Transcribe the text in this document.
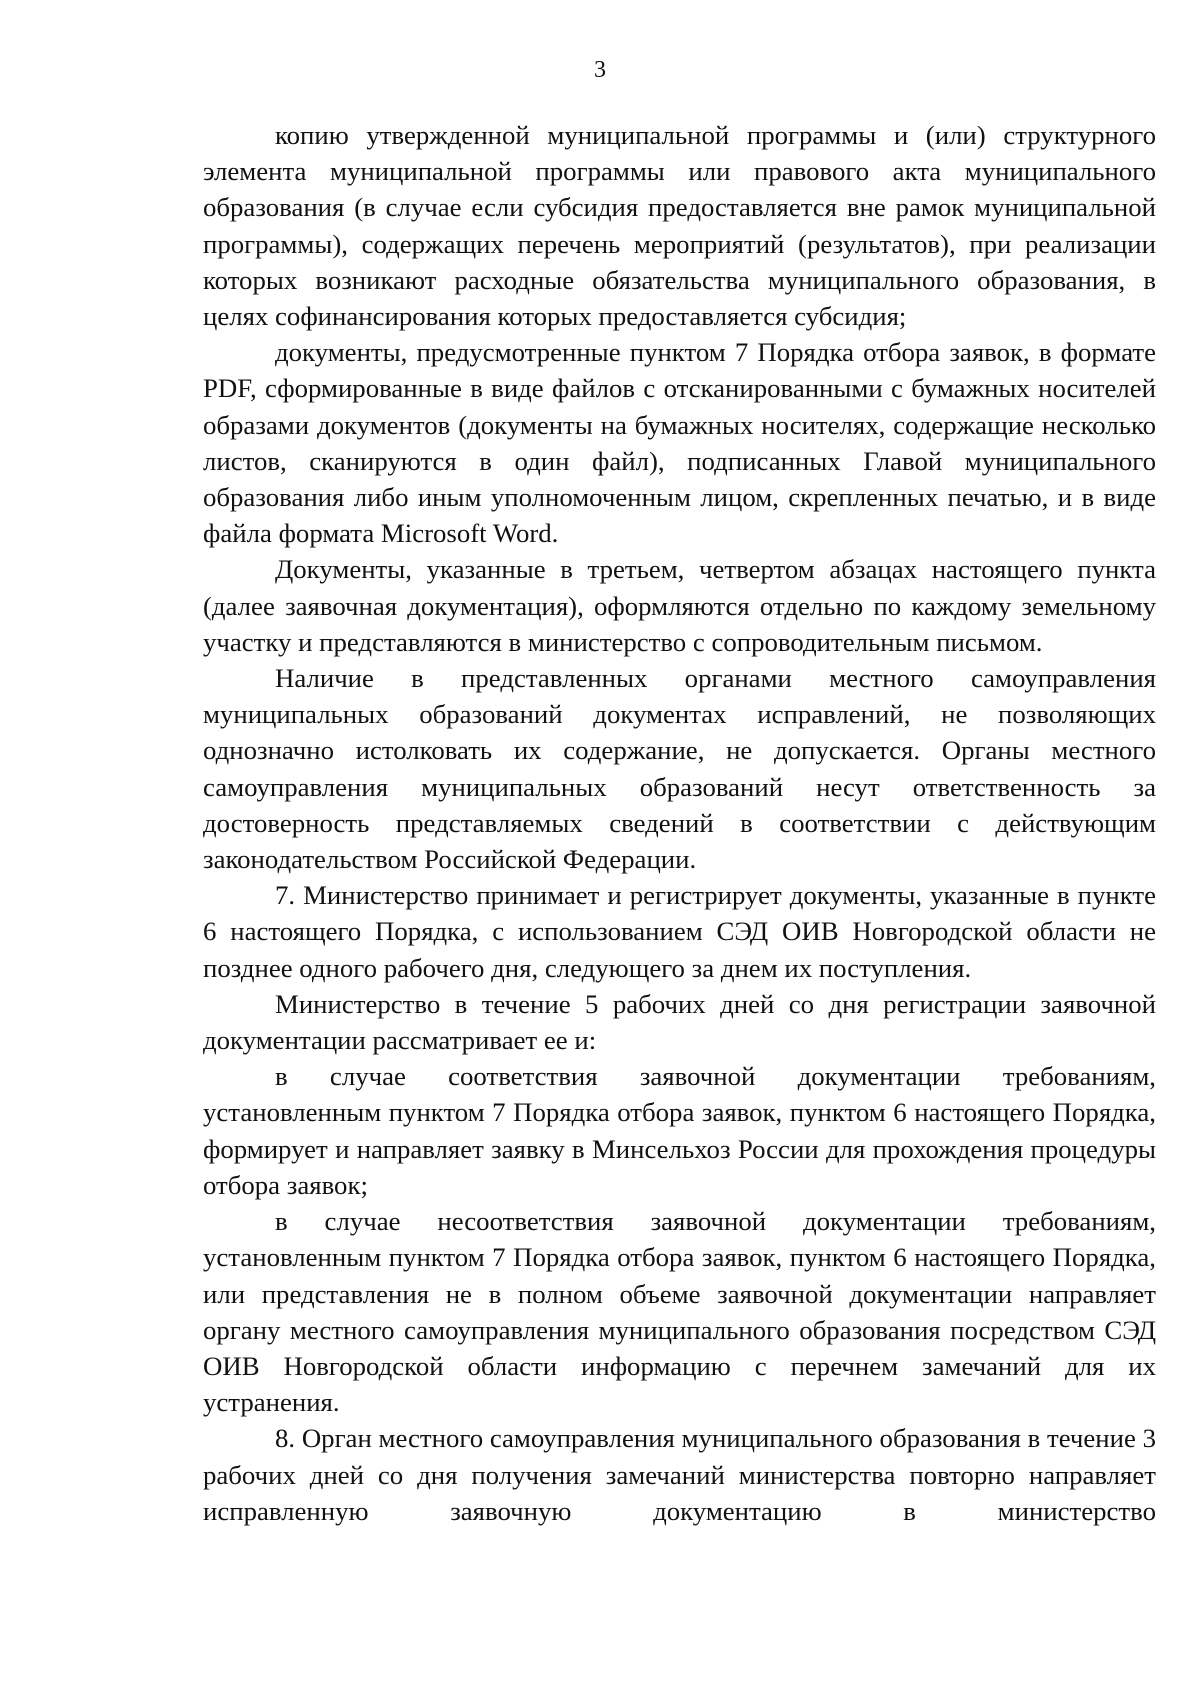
3

копию утвержденной муниципальной программы и (или) структурного элемента муниципальной программы или правового акта муниципального образования (в случае если субсидия предоставляется вне рамок муниципальной программы), содержащих перечень мероприятий (результатов), при реализации которых возникают расходные обязательства муниципального образования, в целях софинансирования которых предоставляется субсидия;

документы, предусмотренные пунктом 7 Порядка отбора заявок, в формате PDF, сформированные в виде файлов с отсканированными с бумажных носителей образами документов (документы на бумажных носителях, содержащие несколько листов, сканируются в один файл), подписанных Главой муниципального образования либо иным уполномоченным лицом, скрепленных печатью, и в виде файла формата Microsoft Word.

Документы, указанные в третьем, четвертом абзацах настоящего пункта (далее заявочная документация), оформляются отдельно по каждому земельному участку и представляются в министерство с сопроводительным письмом.

Наличие в представленных органами местного самоуправления муниципальных образований документах исправлений, не позволяющих однозначно истолковать их содержание, не допускается. Органы местного самоуправления муниципальных образований несут ответственность за достоверность представляемых сведений в соответствии с действующим законодательством Российской Федерации.

7. Министерство принимает и регистрирует документы, указанные в пункте 6 настоящего Порядка, с использованием СЭД ОИВ Новгородской области не позднее одного рабочего дня, следующего за днем их поступления.

Министерство в течение 5 рабочих дней со дня регистрации заявочной документации рассматривает ее и:

в случае соответствия заявочной документации требованиям, установленным пунктом 7 Порядка отбора заявок, пунктом 6 настоящего Порядка, формирует и направляет заявку в Минсельхоз России для прохождения процедуры отбора заявок;

в случае несоответствия заявочной документации требованиям, установленным пунктом 7 Порядка отбора заявок, пунктом 6 настоящего Порядка, или представления не в полном объеме заявочной документации направляет органу местного самоуправления муниципального образования посредством СЭД ОИВ Новгородской области информацию с перечнем замечаний для их устранения.

8. Орган местного самоуправления муниципального образования в течение 3 рабочих дней со дня получения замечаний министерства повторно направляет исправленную заявочную документацию в министерство
